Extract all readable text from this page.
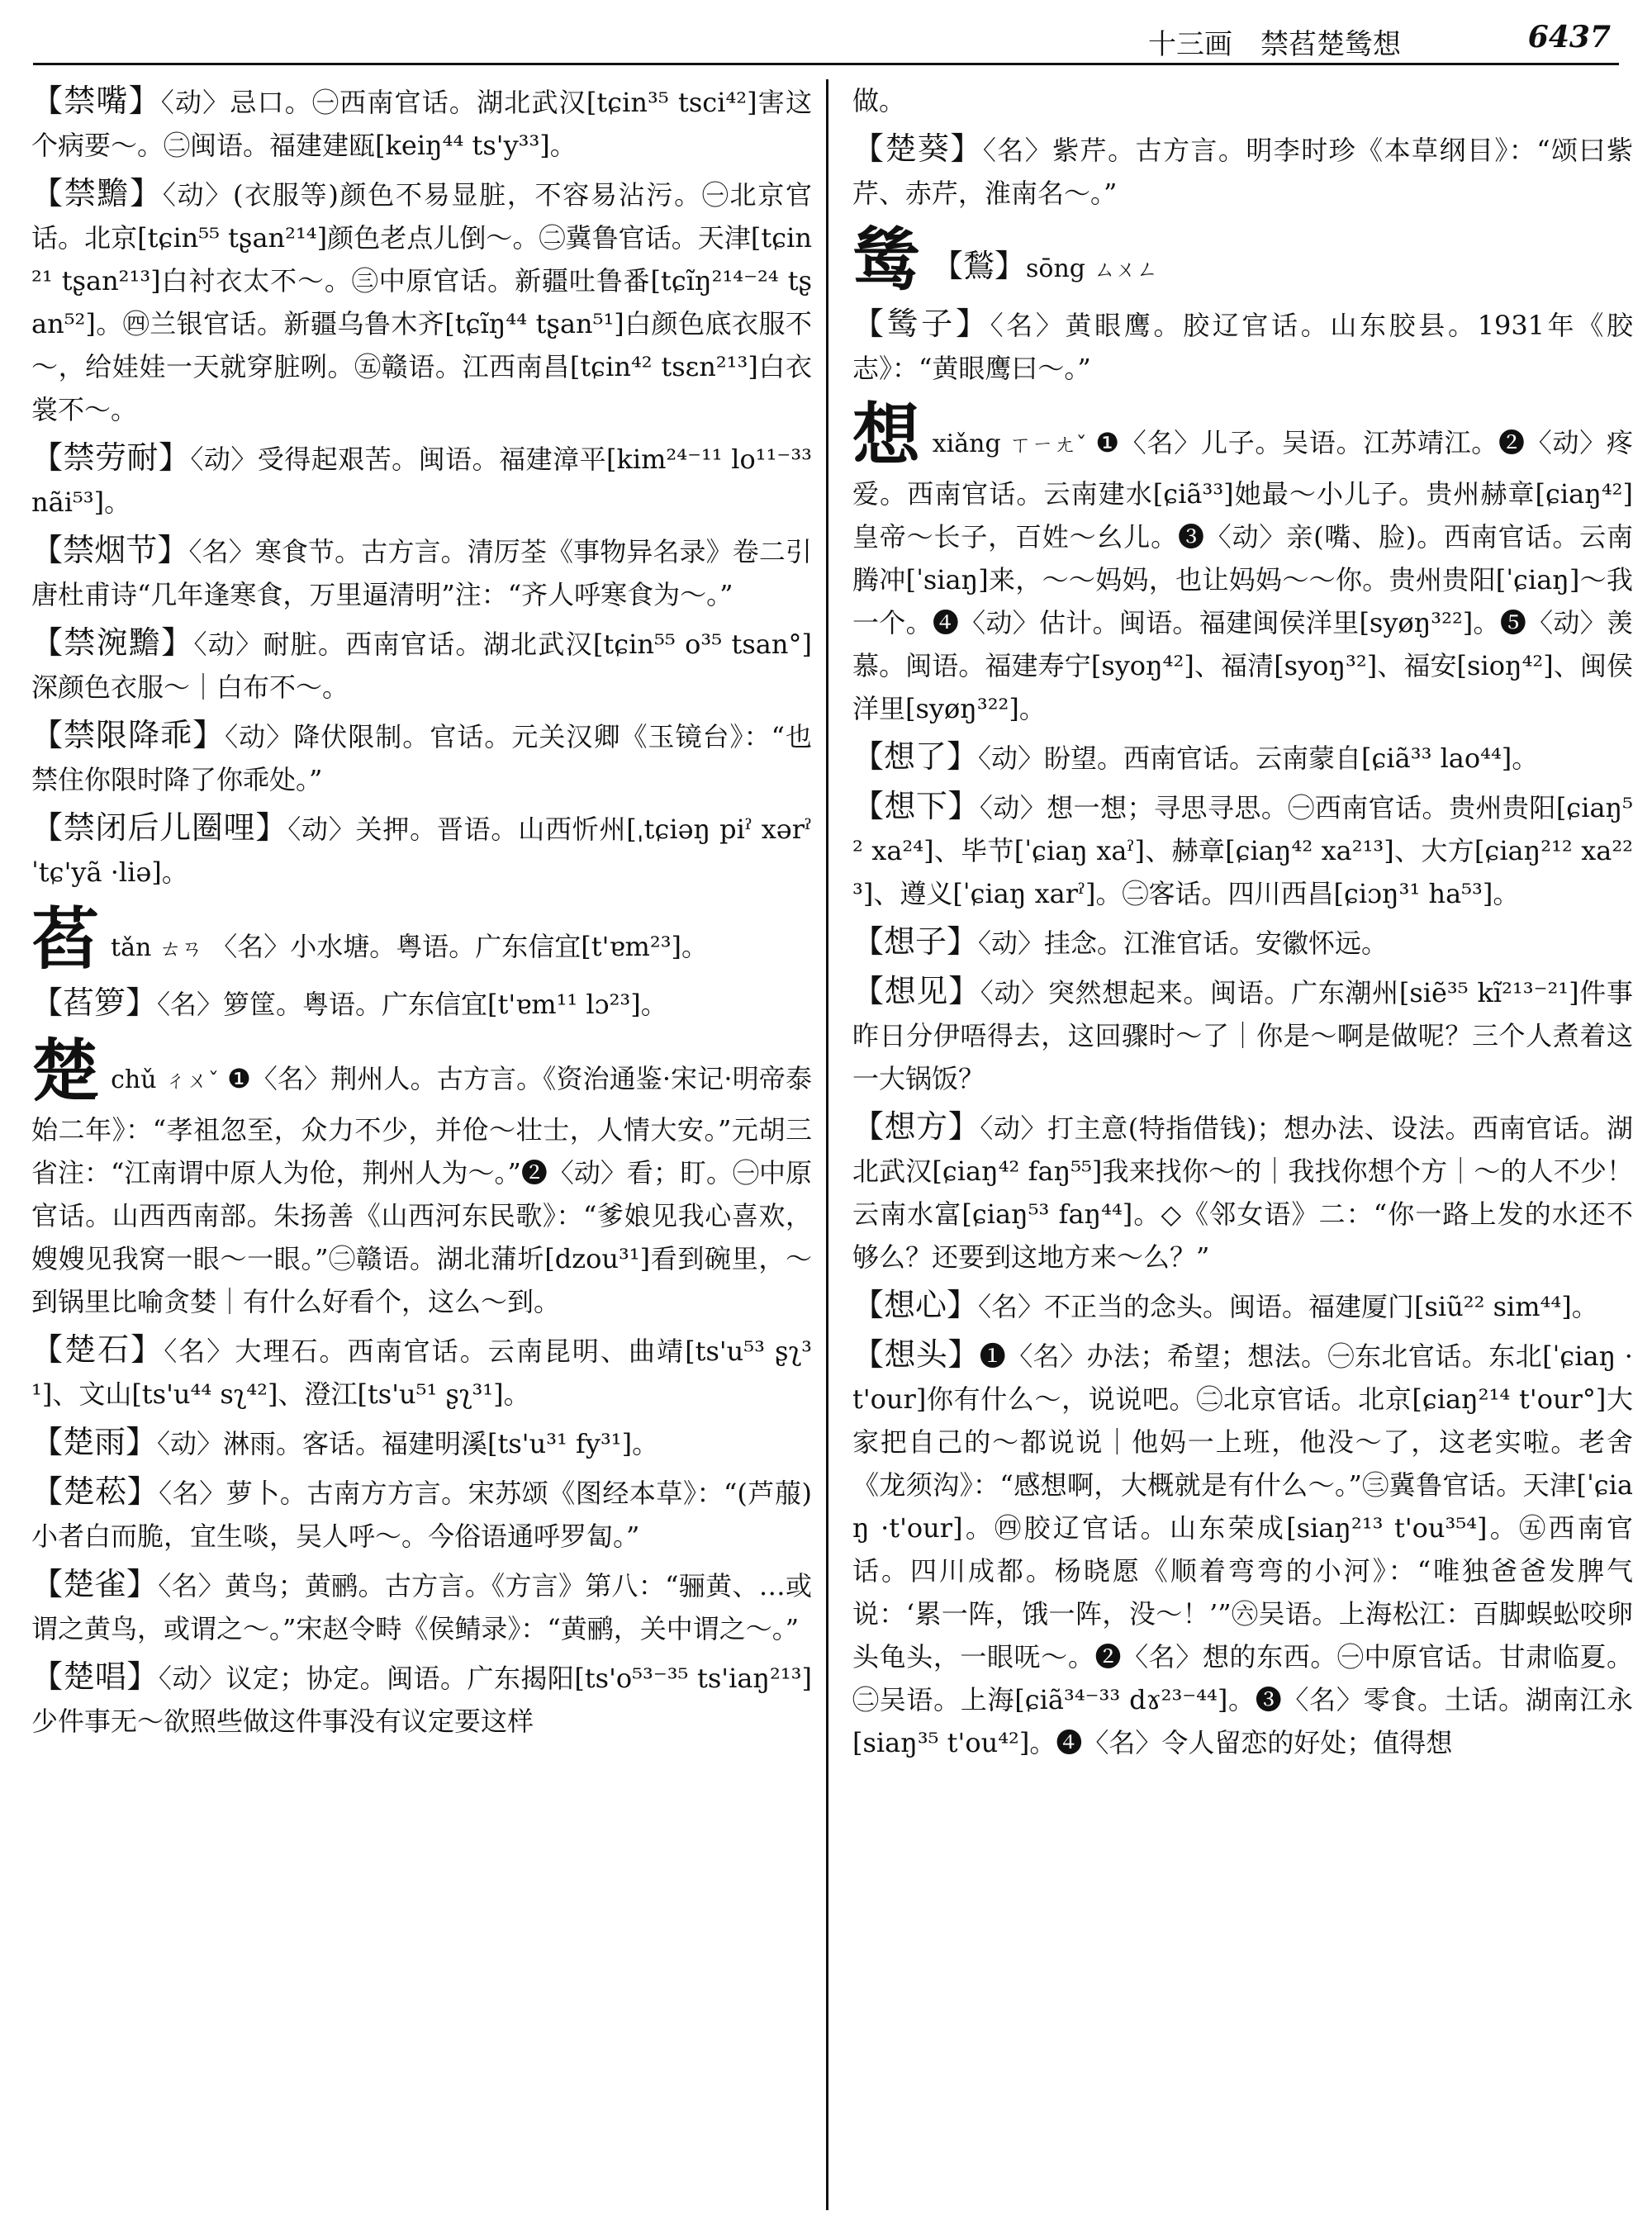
十三画　禁萏楚鸶想	6437
【禁嘴】〈动〉忌口。㊀西南官话。湖北武汉[tɕin³⁵ tsci⁴²]害这个病要～。㊁闽语。福建建瓯[keiŋ⁴⁴ ts'y³³]。
【禁黵】〈动〉(衣服等)颜色不易显脏，不容易沾污。㊀北京官话。北京[tɕin⁵⁵ tʂan²¹⁴]颜色老点儿倒～。㊁冀鲁官话。天津[tɕin²¹ tʂan²¹³]白衬衣太不～。㊂中原官话。新疆吐鲁番[tɕĩŋ²¹⁴⁻²⁴ tʂan⁵²]。㊃兰银官话。新疆乌鲁木齐[tɕĩŋ⁴⁴ tʂan⁵¹]白颜色底衣服不～，给娃娃一天就穿脏咧。㊄赣语。江西南昌[tɕin⁴² tsɛn²¹³]白衣裳不～。
【禁劳耐】〈动〉受得起艰苦。闽语。福建漳平[kim²⁴⁻¹¹ lo¹¹⁻³³ nãi⁵³]。
【禁烟节】〈名〉寒食节。古方言。清厉荃《事物异名录》卷二引唐杜甫诗“几年逢寒食，万里逼清明”注：“齐人呼寒食为～。”
【禁涴黵】〈动〉耐脏。西南官话。湖北武汉[tɕin⁵⁵ o³⁵ tsan°]深颜色衣服～｜白布不～。
【禁限降乖】〈动〉降伏限制。官话。元关汉卿《玉镜台》：“也禁住你限时降了你乖处。”
【禁闭后儿圈哩】〈动〉关押。晋语。山西忻州[ˌtɕiəŋ piˀ xərˀ ˈtɕ'yã ·liə]。
萏tǎn ㄊㄢ 〈名〉小水塘。粤语。广东信宜[t'ɐm²³]。
【萏箩】〈名〉箩筐。粤语。广东信宜[t'ɐm¹¹ lɔ²³]。
楚chǔ ㄔㄨˇ ❶〈名〉荆州人。古方言。《资治通鉴·宋记·明帝泰始二年》：“孝祖忽至，众力不少，并伧～壮士，人情大安。”元胡三省注：“江南谓中原人为伧，荆州人为～。”❷〈动〉看；盯。㊀中原官话。山西西南部。朱扬善《山西河东民歌》：“爹娘见我心喜欢，嫂嫂见我窝一眼～一眼。”㊁赣语。湖北蒲圻[dzou³¹]看到碗里，～到锅里比喻贪婪｜有什么好看个，这么～到。
【楚石】〈名〉大理石。西南官话。云南昆明、曲靖[ts'u⁵³ ʂʅ³¹]、文山[ts'u⁴⁴ sʅ⁴²]、澄江[ts'u⁵¹ ʂʅ³¹]。
【楚雨】〈动〉淋雨。客话。福建明溪[ts'u³¹ fy³¹]。
【楚菘】〈名〉萝卜。古南方方言。宋苏颂《图经本草》：“(芦菔)小者白而脆，宜生啖，吴人呼～。今俗语通呼罗匐。”
【楚雀】〈名〉黄鸟；黄鹂。古方言。《方言》第八：“骊黄、…或谓之黄鸟，或谓之～。”宋赵令畤《侯鲭录》：“黄鹂，关中谓之～。”
【楚唱】〈动〉议定；协定。闽语。广东揭阳[ts'o⁵³⁻³⁵ ts'iaŋ²¹³]少件事无～欲照些做这件事没有议定要这样
做。
【楚葵】〈名〉紫芹。古方言。明李时珍《本草纲目》：“颂曰紫芹、赤芹，淮南名～。”
鸶 【鶖】sōng ㄙㄨㄥ
【鸶子】〈名〉黄眼鹰。胶辽官话。山东胶县。1931年《胶志》：“黄眼鹰曰～。”
想xiǎng ㄒㄧㄤˇ ❶〈名〉儿子。吴语。江苏靖江。❷〈动〉疼爱。西南官话。云南建水[ɕiã³³]她最～小儿子。贵州赫章[ɕiaŋ⁴²]皇帝～长子，百姓～幺儿。❸〈动〉亲(嘴、脸)。西南官话。云南腾冲[ˈsiaŋ]来，～～妈妈，也让妈妈～～你。贵州贵阳[ˈɕiaŋ]～我一个。❹〈动〉估计。闽语。福建闽侯洋里[syøŋ³²²]。❺〈动〉羡慕。闽语。福建寿宁[syoŋ⁴²]、福清[syoŋ³²]、福安[sioŋ⁴²]、闽侯洋里[syøŋ³²²]。
【想了】〈动〉盼望。西南官话。云南蒙自[ɕiã³³ lao⁴⁴]。
【想下】〈动〉想一想；寻思寻思。㊀西南官话。贵州贵阳[ɕiaŋ⁵² xa²⁴]、毕节[ˈɕiaŋ xaˀ]、赫章[ɕiaŋ⁴² xa²¹³]、大方[ɕiaŋ²¹² xa²²³]、遵义[ˈɕiaŋ xarˀ]。㊁客话。四川西昌[ɕiɔŋ³¹ ha⁵³]。
【想子】〈动〉挂念。江淮官话。安徽怀远。
【想见】〈动〉突然想起来。闽语。广东潮州[siẽ³⁵ kĩ²¹³⁻²¹]件事昨日分伊唔得去，这回骤时～了｜你是～啊是做呢？三个人煮着这一大锅饭？
【想方】〈动〉打主意(特指借钱)；想办法、设法。西南官话。湖北武汉[ɕiaŋ⁴² faŋ⁵⁵]我来找你～的｜我找你想个方｜～的人不少！云南水富[ɕiaŋ⁵³ faŋ⁴⁴]。◇《邻女语》二：“你一路上发的水还不够么？还要到这地方来～么？”
【想心】〈名〉不正当的念头。闽语。福建厦门[siũ²² sim⁴⁴]。
【想头】❶〈名〉办法；希望；想法。㊀东北官话。东北[ˈɕiaŋ ·t'our]你有什么～，说说吧。㊁北京官话。北京[ɕiaŋ²¹⁴ t'our°]大家把自己的～都说说｜他妈一上班，他没～了，这老实啦。老舍《龙须沟》：“感想啊，大概就是有什么～。”㊂冀鲁官话。天津[ˈɕiaŋ ·t'our]。㊃胶辽官话。山东荣成[siaŋ²¹³ t'ou³⁵⁴]。㊄西南官话。四川成都。杨晓愿《顺着弯弯的小河》：“唯独爸爸发脾气说：‘累一阵，饿一阵，没～！’”㊅吴语。上海松江：百脚蜈蚣咬卵头龟头，一眼呒～。❷〈名〉想的东西。㊀中原官话。甘肃临夏。㊁吴语。上海[ɕiã³⁴⁻³³ dɤ²³⁻⁴⁴]。❸〈名〉零食。土话。湖南江永[siaŋ³⁵ t'ou⁴²]。❹〈名〉令人留恋的好处；值得想
